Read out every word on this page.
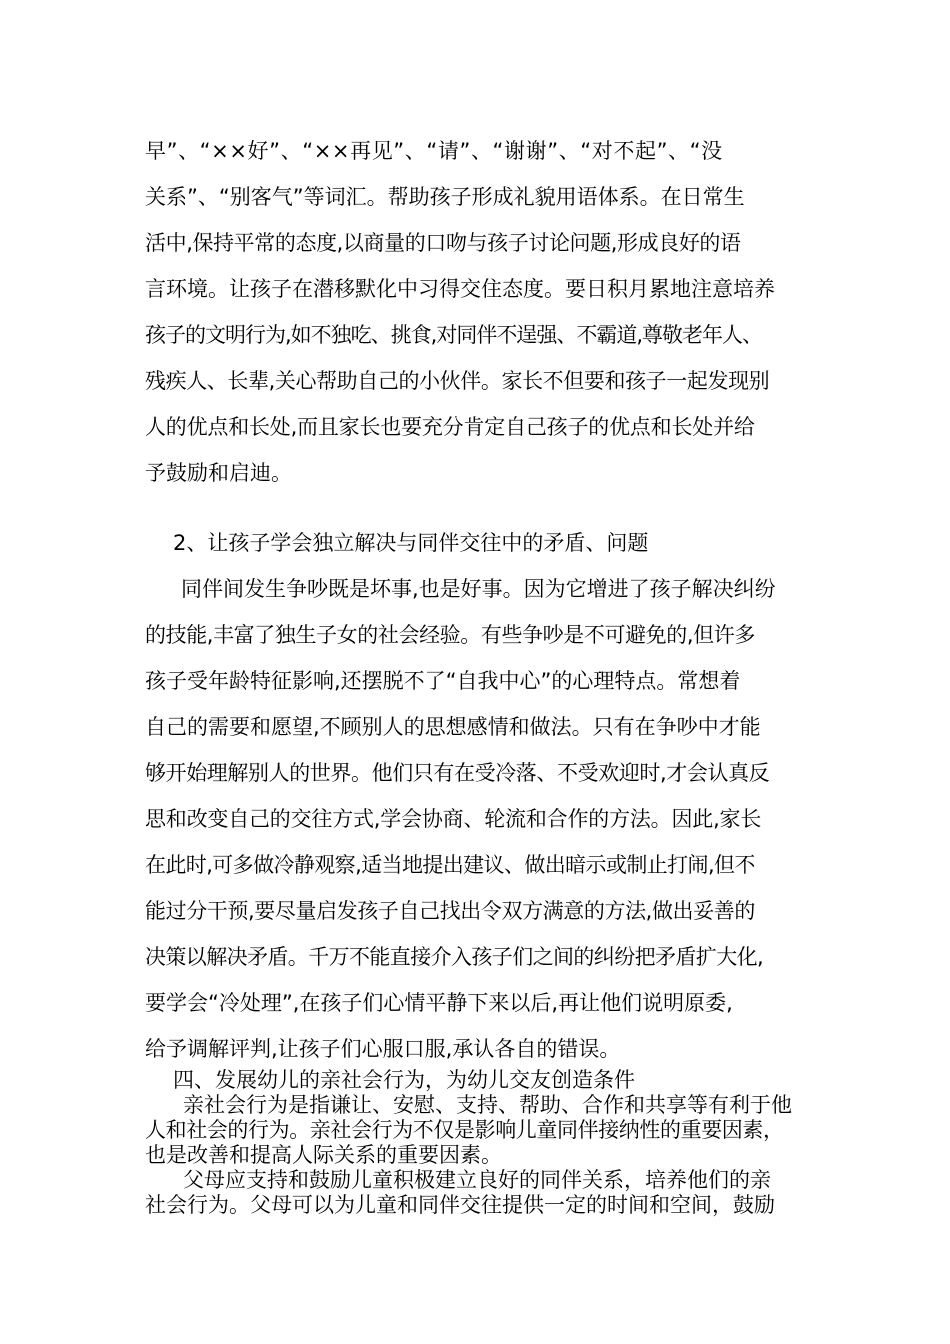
早”、“××好”、“××再见”、“请”、“谢谢”、“对不起”、“没
关系”、“别客气”等词汇。帮助孩子形成礼貌用语体系。在日常生
活中,保持平常的态度,以商量的口吻与孩子讨论问题,形成良好的语
言环境。让孩子在潜移默化中习得交住态度。要日积月累地注意培养
孩子的文明行为,如不独吃、挑食,对同伴不逞强、不霸道,尊敬老年人、
残疾人、长辈,关心帮助自己的小伙伴。家长不但要和孩子一起发现别
人的优点和长处,而且家长也要充分肯定自己孩子的优点和长处并给
予鼓励和启迪。
2、让孩子学会独立解决与同伴交往中的矛盾、问题
同伴间发生争吵既是坏事,也是好事。因为它增进了孩子解决纠纷
的技能,丰富了独生子女的社会经验。有些争吵是不可避免的,但许多
孩子受年龄特征影响,还摆脱不了“自我中心”的心理特点。常想着
自己的需要和愿望,不顾别人的思想感情和做法。只有在争吵中才能
够开始理解别人的世界。他们只有在受冷落、不受欢迎时,才会认真反
思和改变自己的交往方式,学会协商、轮流和合作的方法。因此,家长
在此时,可多做冷静观察,适当地提出建议、做出暗示或制止打闹,但不
能过分干预,要尽量启发孩子自己找出令双方满意的方法,做出妥善的
决策以解决矛盾。千万不能直接介入孩子们之间的纠纷把矛盾扩大化,
要学会“冷处理”,在孩子们心情平静下来以后,再让他们说明原委,
给予调解评判,让孩子们心服口服,承认各自的错误。
四、发展幼儿的亲社会行为，为幼儿交友创造条件
亲社会行为是指谦让、安慰、支持、帮助、合作和共享等有利于他
人和社会的行为。亲社会行为不仅是影响儿童同伴接纳性的重要因素，
也是改善和提高人际关系的重要因素。
父母应支持和鼓励儿童积极建立良好的同伴关系，培养他们的亲
社会行为。父母可以为儿童和同伴交往提供一定的时间和空间，鼓励
